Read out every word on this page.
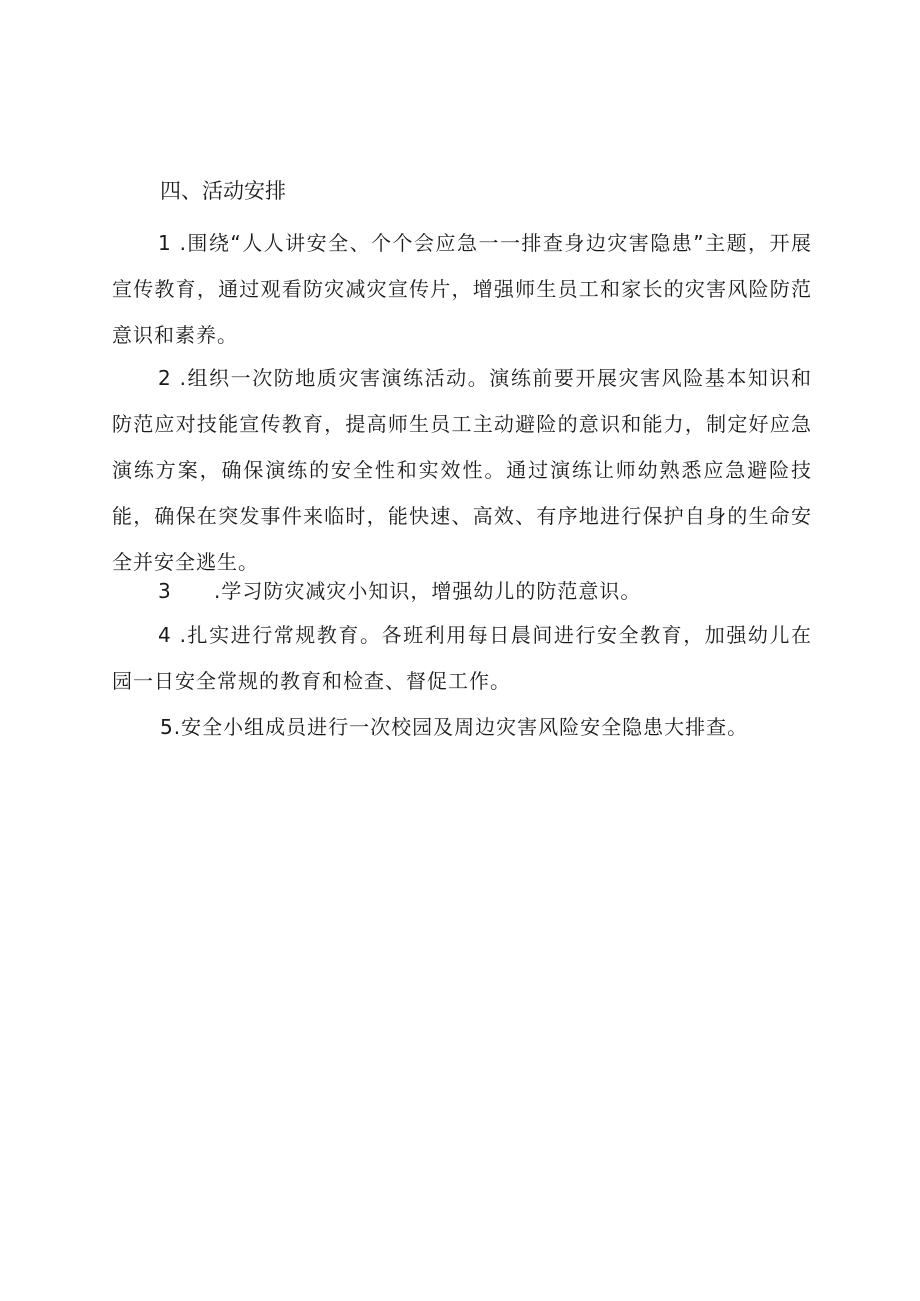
四、活动安排
1 .围绕“人人讲安全、个个会应急一一排查身边灾害隐患”主题，开展宣传教育，通过观看防灾减灾宣传片，增强师生员工和家长的灾害风险防范意识和素养。
2 .组织一次防地质灾害演练活动。演练前要开展灾害风险基本知识和防范应对技能宣传教育，提高师生员工主动避险的意识和能力，制定好应急演练方案，确保演练的安全性和实效性。通过演练让师幼熟悉应急避险技能，确保在突发事件来临时，能快速、高效、有序地进行保护自身的生命安全并安全逃生。
3 .学习防灾减灾小知识，增强幼儿的防范意识。
4 .扎实进行常规教育。各班利用每日晨间进行安全教育，加强幼儿在园一日安全常规的教育和检查、督促工作。
5.安全小组成员进行一次校园及周边灾害风险安全隐患大排查。
